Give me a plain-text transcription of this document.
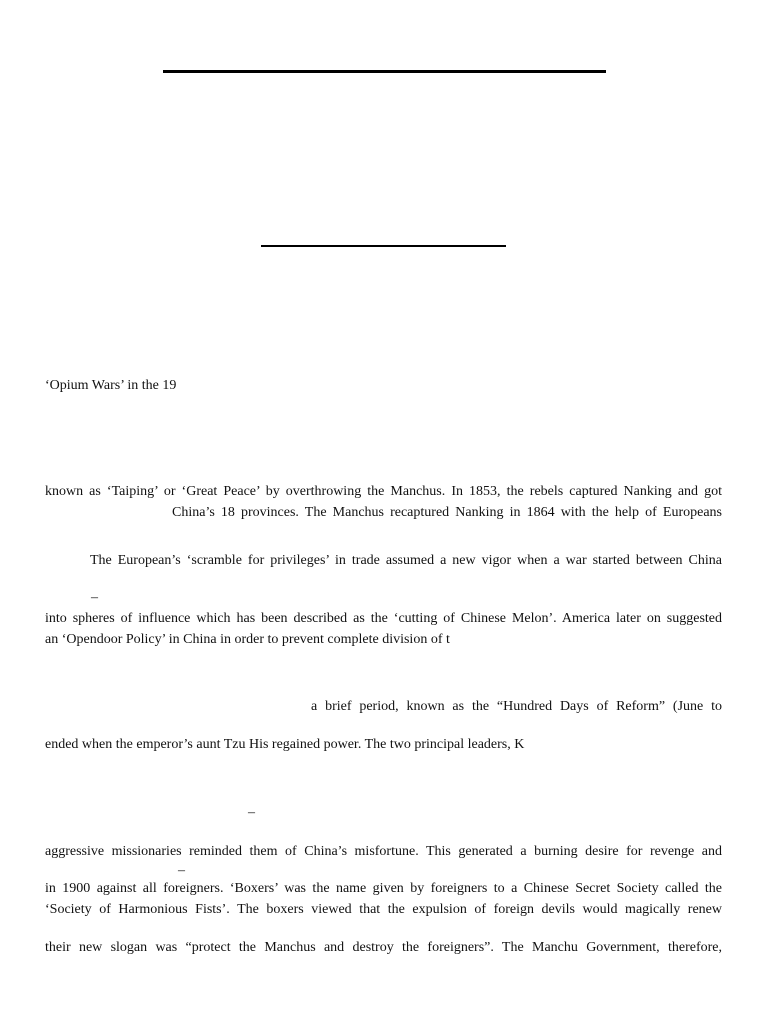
‘Opium Wars’ in the 19
known as ‘Taiping’ or ‘Great Peace’ by overthrowing the Manchus. In 1853, the rebels captured Nanking and got
China’s 18 provinces. The Manchus recaptured Nanking in 1864 with the help of Europeans
The European’s ‘scramble for privileges’ in trade assumed a new vigor when a war started between China
–
into spheres of influence which has been described as the ‘cutting of Chinese Melon’. America later on suggested
an ‘Opendoor Policy’ in China in order to prevent complete division of t
a brief period, known as the “Hundred Days of Reform” (June to
ended when the emperor’s aunt Tzu His regained power. The two principal leaders, K
–
aggressive missionaries reminded them of China’s misfortune. This generated a burning desire for revenge and
–
in 1900 against all foreigners. ‘Boxers’ was the name given by foreigners to a Chinese Secret Society called the
‘Society of Harmonious Fists’. The boxers viewed that the expulsion of foreign devils would magically renew
their new slogan was “protect the Manchus and destroy the foreigners”. The Manchu Government, therefore,
